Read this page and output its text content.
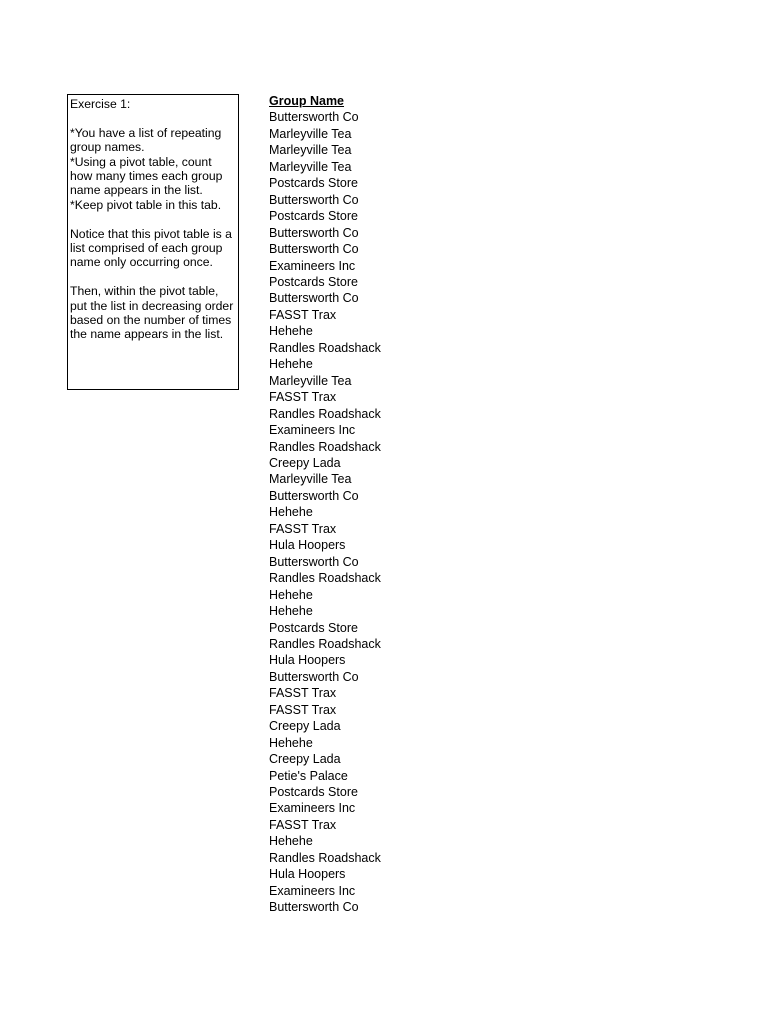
Exercise 1:
*You have a list of repeating
group names.
*Using a pivot table, count
how many times each group
name appears in the list.
*Keep pivot table in this tab.
Notice that this pivot table is a
list comprised of each group
name only occurring once.
Then, within the pivot table,
put the list in decreasing order
based on the number of times
the name appears in the list.
Group Name
Buttersworth Co
Marleyville Tea
Marleyville Tea
Marleyville Tea
Postcards Store
Buttersworth Co
Postcards Store
Buttersworth Co
Buttersworth Co
Examineers Inc
Postcards Store
Buttersworth Co
FASST Trax
Hehehe
Randles Roadshack
Hehehe
Marleyville Tea
FASST Trax
Randles Roadshack
Examineers Inc
Randles Roadshack
Creepy Lada
Marleyville Tea
Buttersworth Co
Hehehe
FASST Trax
Hula Hoopers
Buttersworth Co
Randles Roadshack
Hehehe
Hehehe
Postcards Store
Randles Roadshack
Hula Hoopers
Buttersworth Co
FASST Trax
FASST Trax
Creepy Lada
Hehehe
Creepy Lada
Petie's Palace
Postcards Store
Examineers Inc
FASST Trax
Hehehe
Randles Roadshack
Hula Hoopers
Examineers Inc
Buttersworth Co
